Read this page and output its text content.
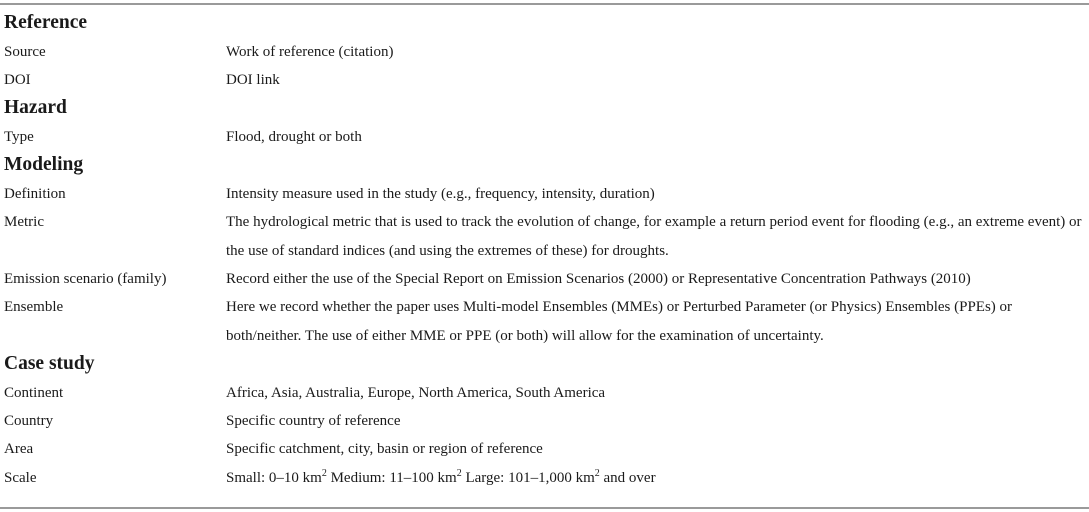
Reference	
Source	Work of reference (citation)
DOI	DOI link
Hazard	
Type	Flood, drought or both
Modeling	
Definition	Intensity measure used in the study (e.g., frequency, intensity, duration)
Metric	The hydrological metric that is used to track the evolution of change, for example a return period event for flooding (e.g., an extreme event) or the use of standard indices (and using the extremes of these) for droughts.
Emission scenario (family)	Record either the use of the Special Report on Emission Scenarios (2000) or Representative Concentration Pathways (2010)
Ensemble	Here we record whether the paper uses Multi-model Ensembles (MMEs) or Perturbed Parameter (or Physics) Ensembles (PPEs) or both/neither. The use of either MME or PPE (or both) will allow for the examination of uncertainty.
Case study	
Continent	Africa, Asia, Australia, Europe, North America, South America
Country	Specific country of reference
Area	Specific catchment, city, basin or region of reference
Scale	Small: 0–10 $km^2$ Medium: 11–100 $km^2$ Large: 101–1,000 $km^2$ and over
